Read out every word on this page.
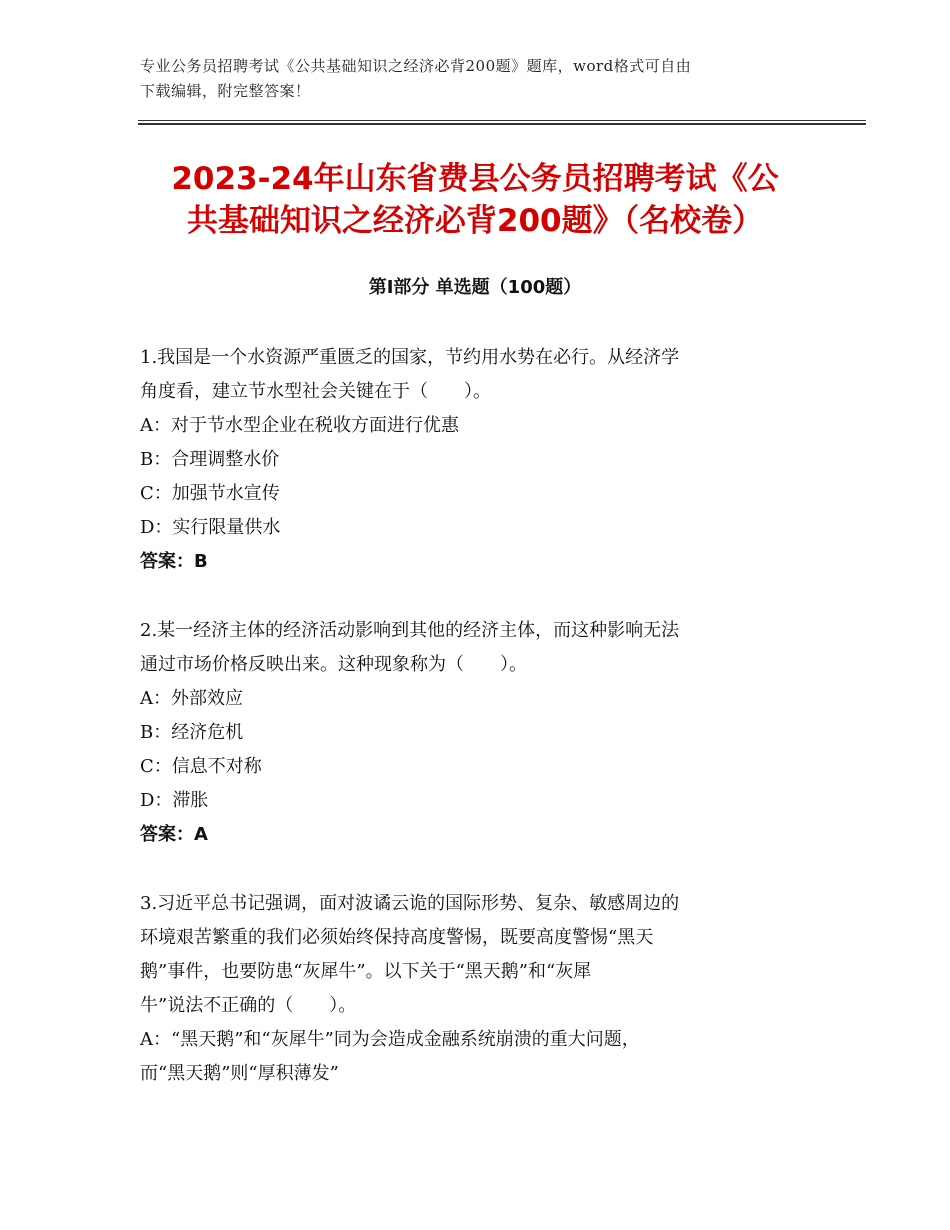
专业公务员招聘考试《公共基础知识之经济必背200题》题库，word格式可自由
下载编辑，附完整答案！
2023-24年山东省费县公务员招聘考试《公
共基础知识之经济必背200题》（名校卷）
第Ⅰ部分 单选题（100题）
1.我国是一个水资源严重匮乏的国家，节约用水势在必行。从经济学
角度看，建立节水型社会关键在于（　　）。
A：对于节水型企业在税收方面进行优惠
B：合理调整水价
C：加强节水宣传
D：实行限量供水
答案：B
2.某一经济主体的经济活动影响到其他的经济主体，而这种影响无法
通过市场价格反映出来。这种现象称为（　　）。
A：外部效应
B：经济危机
C：信息不对称
D：滞胀
答案：A
3.习近平总书记强调，面对波谲云诡的国际形势、复杂、敏感周边的
环境艰苦繁重的我们必须始终保持高度警惕，既要高度警惕“黑天
鹅”事件，也要防患“灰犀牛”。以下关于“黑天鹅”和“灰犀
牛”说法不正确的（　　）。
A：“黑天鹅”和“灰犀牛”同为会造成金融系统崩溃的重大问题，
而“黑天鹅”则“厚积薄发”
